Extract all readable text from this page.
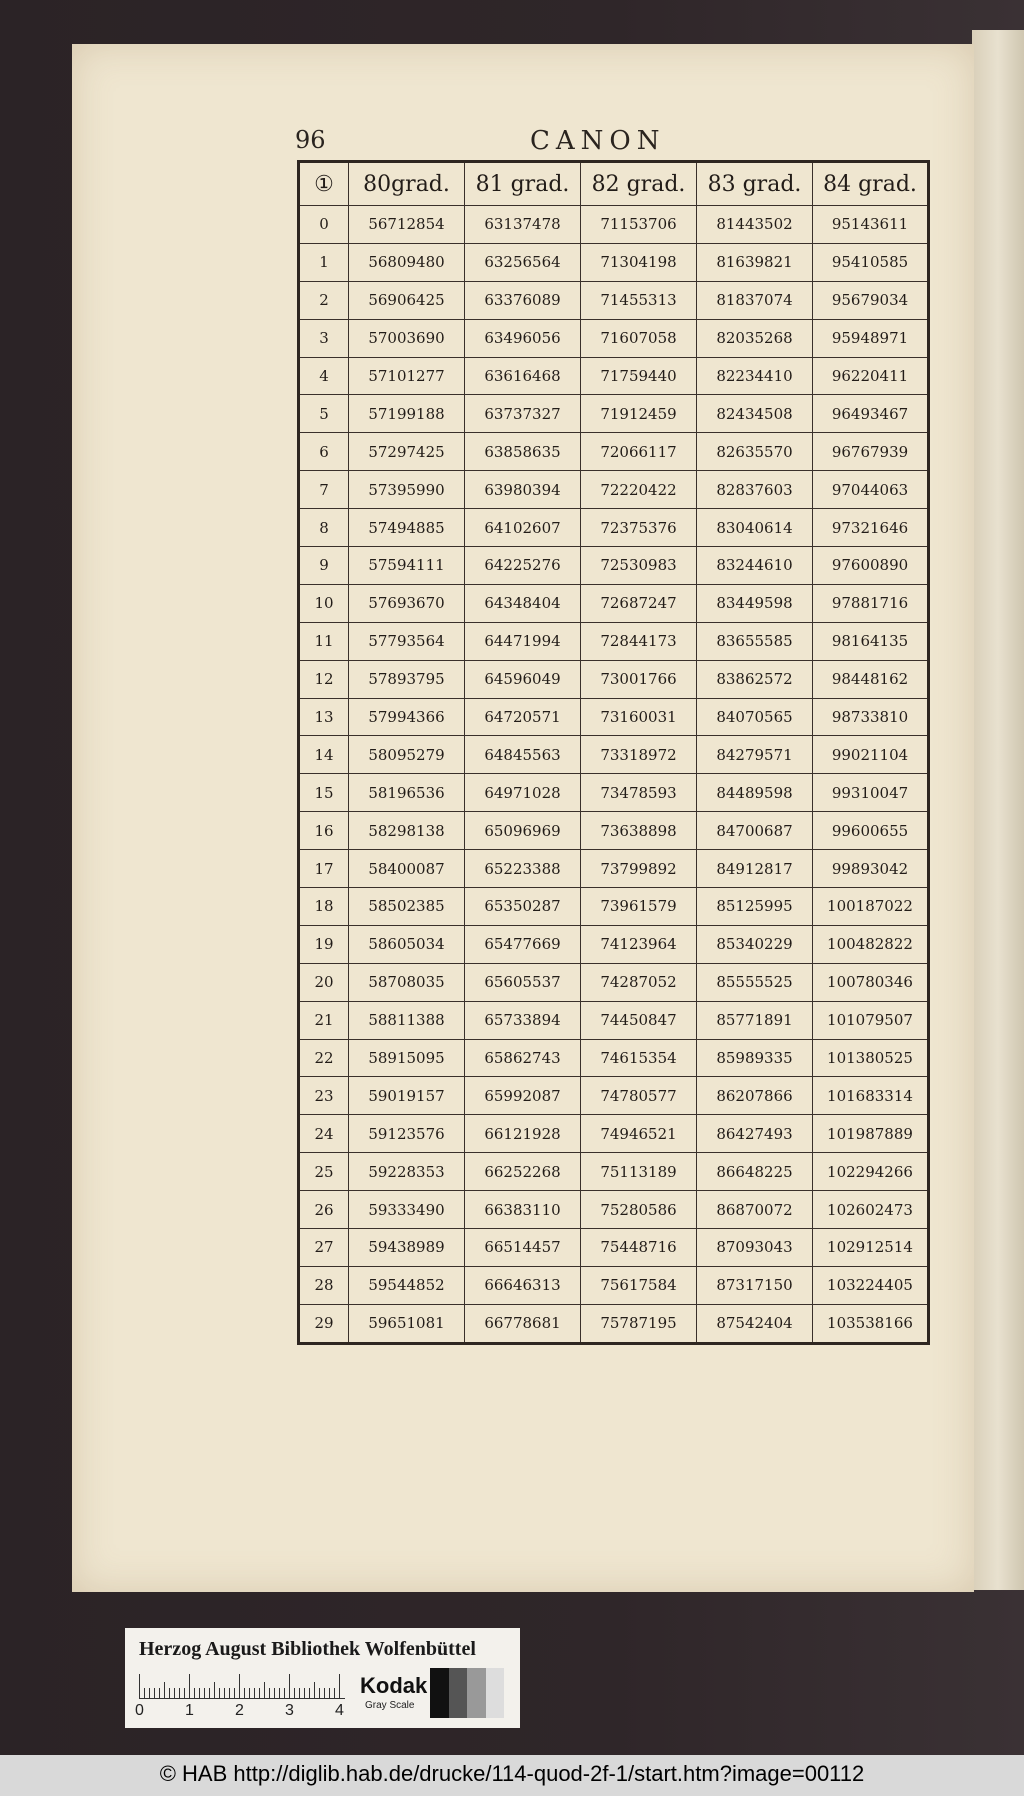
96	CANON
①	80grad.	81 grad.	82 grad.	83 grad.	84 grad.
0	56712854	63137478	71153706	81443502	95143611
1	56809480	63256564	71304198	81639821	95410585
2	56906425	63376089	71455313	81837074	95679034
3	57003690	63496056	71607058	82035268	95948971
4	57101277	63616468	71759440	82234410	96220411
5	57199188	63737327	71912459	82434508	96493467
6	57297425	63858635	72066117	82635570	96767939
7	57395990	63980394	72220422	82837603	97044063
8	57494885	64102607	72375376	83040614	97321646
9	57594111	64225276	72530983	83244610	97600890
10	57693670	64348404	72687247	83449598	97881716
11	57793564	64471994	72844173	83655585	98164135
12	57893795	64596049	73001766	83862572	98448162
13	57994366	64720571	73160031	84070565	98733810
14	58095279	64845563	73318972	84279571	99021104
15	58196536	64971028	73478593	84489598	99310047
16	58298138	65096969	73638898	84700687	99600655
17	58400087	65223388	73799892	84912817	99893042
18	58502385	65350287	73961579	85125995	100187022
19	58605034	65477669	74123964	85340229	100482822
20	58708035	65605537	74287052	85555525	100780346
21	58811388	65733894	74450847	85771891	101079507
22	58915095	65862743	74615354	85989335	101380525
23	59019157	65992087	74780577	86207866	101683314
24	59123576	66121928	74946521	86427493	101987889
25	59228353	66252268	75113189	86648225	102294266
26	59333490	66383110	75280586	86870072	102602473
27	59438989	66514457	75448716	87093043	102912514
28	59544852	66646313	75617584	87317150	103224405
29	59651081	66778681	75787195	87542404	103538166
Herzog August Bibliothek Wolfenbüttel
0	1	2	3	4
Kodak
Gray Scale
© HAB http://diglib.hab.de/drucke/114-quod-2f-1/start.htm?image=00112
